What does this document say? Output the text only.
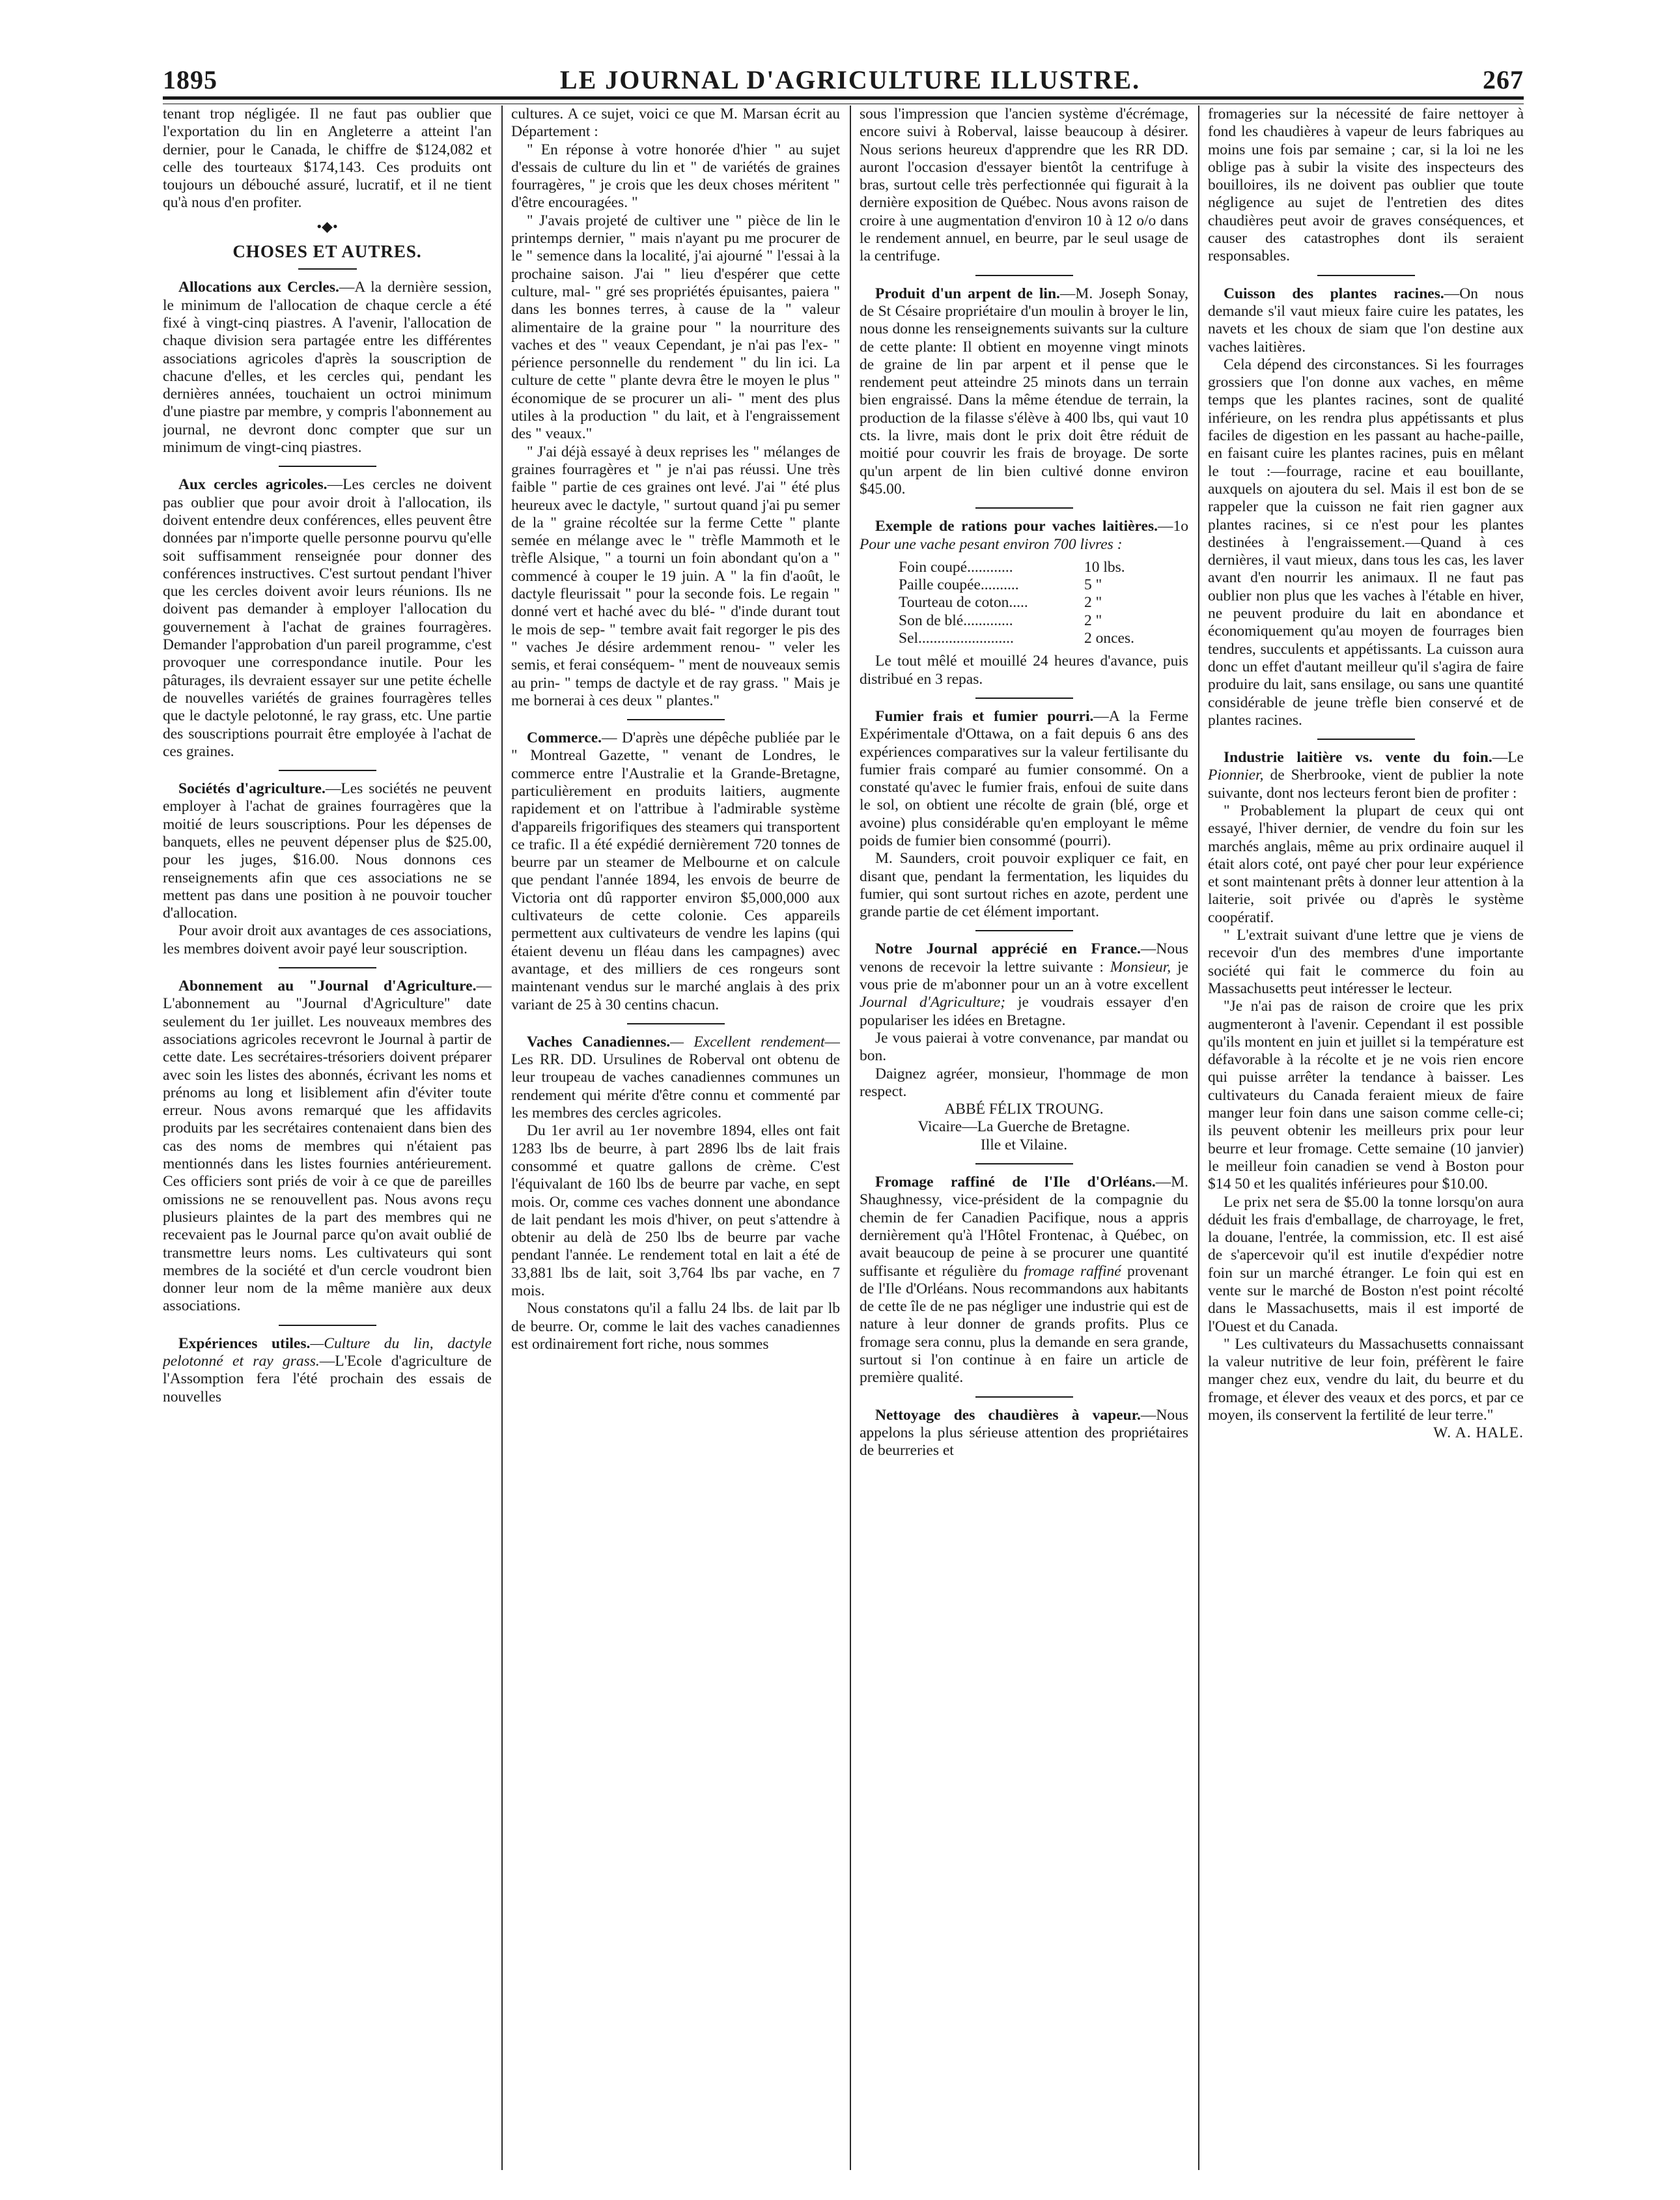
1895	LE JOURNAL D'AGRICULTURE ILLUSTRE.	267

tenant trop négligée. Il ne faut pas oublier que l'exportation du lin en Angleterre a atteint l'an dernier, pour le Canada, le chiffre de $124,082 et celle des tourteaux $174,143. Ces produits ont toujours un débouché assuré, lucratif, et il ne tient qu'à nous d'en profiter.

•◆•
CHOSES ET AUTRES.

Allocations aux Cercles.—A la dernière session, le minimum de l'allocation de chaque cercle a été fixé à vingt-cinq piastres. A l'avenir, l'allocation de chaque division sera partagée entre les différentes associations agricoles d'après la souscription de chacune d'elles, et les cercles qui, pendant les dernières années, touchaient un octroi minimum d'une piastre par membre, y compris l'abonnement au journal, ne devront donc compter que sur un minimum de vingt-cinq piastres.

Aux cercles agricoles.—Les cercles ne doivent pas oublier que pour avoir droit à l'allocation, ils doivent entendre deux conférences, elles peuvent être données par n'importe quelle personne pourvu qu'elle soit suffisamment renseignée pour donner des conférences instructives. C'est surtout pendant l'hiver que les cercles doivent avoir leurs réunions. Ils ne doivent pas demander à employer l'allocation du gouvernement à l'achat de graines fourragères. Demander l'approbation d'un pareil programme, c'est provoquer une correspondance inutile. Pour les pâturages, ils devraient essayer sur une petite échelle de nouvelles variétés de graines fourragères telles que le dactyle pelotonné, le ray grass, etc. Une partie des souscriptions pourrait être employée à l'achat de ces graines.

Sociétés d'agriculture.—Les sociétés ne peuvent employer à l'achat de graines fourragères que la moitié de leurs souscriptions. Pour les dépenses de banquets, elles ne peuvent dépenser plus de $25.00, pour les juges, $16.00. Nous donnons ces renseignements afin que ces associations ne se mettent pas dans une position à ne pouvoir toucher d'allocation.

Pour avoir droit aux avantages de ces associations, les membres doivent avoir payé leur souscription.

Abonnement au "Journal d'Agriculture.—L'abonnement au "Journal d'Agriculture" date seulement du 1er juillet. Les nouveaux membres des associations agricoles recevront le Journal à partir de cette date. Les secrétaires-trésoriers doivent préparer avec soin les listes des abonnés, écrivant les noms et prénoms au long et lisiblement afin d'éviter toute erreur. Nous avons remarqué que les affidavits produits par les secrétaires contenaient dans bien des cas des noms de membres qui n'étaient pas mentionnés dans les listes fournies antérieurement. Ces officiers sont priés de voir à ce que de pareilles omissions ne se renouvellent pas. Nous avons reçu plusieurs plaintes de la part des membres qui ne recevaient pas le Journal parce qu'on avait oublié de transmettre leurs noms. Les cultivateurs qui sont membres de la société et d'un cercle voudront bien donner leur nom de la même manière aux deux associations.

Expériences utiles.—Culture du lin, dactyle pelotonné et ray grass.—L'Ecole d'agriculture de l'Assomption fera l'été prochain des essais de nouvelles

cultures. A ce sujet, voici ce que M. Marsan écrit au Département :

" En réponse à votre honorée d'hier " au sujet d'essais de culture du lin et " de variétés de graines fourragères, " je crois que les deux choses méritent " d'être encouragées. "

" J'avais projeté de cultiver une " pièce de lin le printemps dernier, " mais n'ayant pu me procurer de le " semence dans la localité, j'ai ajourné " l'essai à la prochaine saison. J'ai " lieu d'espérer que cette culture, mal- " gré ses propriétés épuisantes, paiera " dans les bonnes terres, à cause de la " valeur alimentaire de la graine pour " la nourriture des vaches et des " veaux Cependant, je n'ai pas l'ex- " périence personnelle du rendement " du lin ici. La culture de cette " plante devra être le moyen le plus " économique de se procurer un ali- " ment des plus utiles à la production " du lait, et à l'engraissement des " veaux."

" J'ai déjà essayé à deux reprises les " mélanges de graines fourragères et " je n'ai pas réussi. Une très faible " partie de ces graines ont levé. J'ai " été plus heureux avec le dactyle, " surtout quand j'ai pu semer de la " graine récoltée sur la ferme Cette " plante semée en mélange avec le " trèfle Mammoth et le trèfle Alsique, " a tourni un foin abondant qu'on a " commencé à couper le 19 juin. A " la fin d'août, le dactyle fleurissait " pour la seconde fois. Le regain " donné vert et haché avec du blé- " d'inde durant tout le mois de sep- " tembre avait fait regorger le pis des " vaches Je désire ardemment renou- " veler les semis, et ferai conséquem- " ment de nouveaux semis au prin- " temps de dactyle et de ray grass. " Mais je me bornerai à ces deux " plantes."

Commerce.— D'après une dépêche publiée par le " Montreal Gazette, " venant de Londres, le commerce entre l'Australie et la Grande-Bretagne, particulièrement en produits laitiers, augmente rapidement et on l'attribue à l'admirable système d'appareils frigorifiques des steamers qui transportent ce trafic. Il a été expédié dernièrement 720 tonnes de beurre par un steamer de Melbourne et on calcule que pendant l'année 1894, les envois de beurre de Victoria ont dû rapporter environ $5,000,000 aux cultivateurs de cette colonie. Ces appareils permettent aux cultivateurs de vendre les lapins (qui étaient devenu un fléau dans les campagnes) avec avantage, et des milliers de ces rongeurs sont maintenant vendus sur le marché anglais à des prix variant de 25 à 30 centins chacun.

Vaches Canadiennes.— Excellent rendement—Les RR. DD. Ursulines de Roberval ont obtenu de leur troupeau de vaches canadiennes communes un rendement qui mérite d'être connu et commenté par les membres des cercles agricoles.

Du 1er avril au 1er novembre 1894, elles ont fait 1283 lbs de beurre, à part 2896 lbs de lait frais consommé et quatre gallons de crème. C'est l'équivalant de 160 lbs de beurre par vache, en sept mois. Or, comme ces vaches donnent une abondance de lait pendant les mois d'hiver, on peut s'attendre à obtenir au delà de 250 lbs de beurre par vache pendant l'année. Le rendement total en lait a été de 33,881 lbs de lait, soit 3,764 lbs par vache, en 7 mois.

Nous constatons qu'il a fallu 24 lbs. de lait par lb de beurre. Or, comme le lait des vaches canadiennes est ordinairement fort riche, nous sommes

sous l'impression que l'ancien système d'écrémage, encore suivi à Roberval, laisse beaucoup à désirer. Nous serions heureux d'apprendre que les RR DD. auront l'occasion d'essayer bientôt la centrifuge à bras, surtout celle très perfectionnée qui figurait à la dernière exposition de Québec. Nous avons raison de croire à une augmentation d'environ 10 à 12 o/o dans le rendement annuel, en beurre, par le seul usage de la centrifuge.

Produit d'un arpent de lin.—M. Joseph Sonay, de St Césaire propriétaire d'un moulin à broyer le lin, nous donne les renseignements suivants sur la culture de cette plante: Il obtient en moyenne vingt minots de graine de lin par arpent et il pense que le rendement peut atteindre 25 minots dans un terrain bien engraissé. Dans la même étendue de terrain, la production de la filasse s'élève à 400 lbs, qui vaut 10 cts. la livre, mais dont le prix doit être réduit de moitié pour couvrir les frais de broyage. De sorte qu'un arpent de lin bien cultivé donne environ $45.00.

Exemple de rations pour vaches laitières.—1o Pour une vache pesant environ 700 livres :

Foin coupé............	10 lbs.
Paille coupée..........	5 "
Tourteau de coton.....	2 "
Son de blé.............	2 "
Sel.........................	2 onces.

Le tout mêlé et mouillé 24 heures d'avance, puis distribué en 3 repas.

Fumier frais et fumier pourri.—A la Ferme Expérimentale d'Ottawa, on a fait depuis 6 ans des expériences comparatives sur la valeur fertilisante du fumier frais comparé au fumier consommé. On a constaté qu'avec le fumier frais, enfoui de suite dans le sol, on obtient une récolte de grain (blé, orge et avoine) plus considérable qu'en employant le même poids de fumier bien consommé (pourri).

M. Saunders, croit pouvoir expliquer ce fait, en disant que, pendant la fermentation, les liquides du fumier, qui sont surtout riches en azote, perdent une grande partie de cet élément important.

Notre Journal apprécié en France.—Nous venons de recevoir la lettre suivante : Monsieur, je vous prie de m'abonner pour un an à votre excellent Journal d'Agriculture; je voudrais essayer d'en populariser les idées en Bretagne.

Je vous paierai à votre convenance, par mandat ou bon.

Daignez agréer, monsieur, l'hommage de mon respect.

ABBÉ FÉLIX TROUNG.

Vicaire—La Guerche de Bretagne.

Ille et Vilaine.

Fromage raffiné de l'Ile d'Orléans.—M. Shaughnessy, vice-président de la compagnie du chemin de fer Canadien Pacifique, nous a appris dernièrement qu'à l'Hôtel Frontenac, à Québec, on avait beaucoup de peine à se procurer une quantité suffisante et régulière du fromage raffiné provenant de l'Ile d'Orléans. Nous recommandons aux habitants de cette île de ne pas négliger une industrie qui est de nature à leur donner de grands profits. Plus ce fromage sera connu, plus la demande en sera grande, surtout si l'on continue à en faire un article de première qualité.

Nettoyage des chaudières à vapeur.—Nous appelons la plus sérieuse attention des propriétaires de beurreries et

fromageries sur la nécessité de faire nettoyer à fond les chaudières à vapeur de leurs fabriques au moins une fois par semaine ; car, si la loi ne les oblige pas à subir la visite des inspecteurs des bouilloires, ils ne doivent pas oublier que toute négligence au sujet de l'entretien des dites chaudières peut avoir de graves conséquences, et causer des catastrophes dont ils seraient responsables.

Cuisson des plantes racines.—On nous demande s'il vaut mieux faire cuire les patates, les navets et les choux de siam que l'on destine aux vaches laitières.

Cela dépend des circonstances. Si les fourrages grossiers que l'on donne aux vaches, en même temps que les plantes racines, sont de qualité inférieure, on les rendra plus appétissants et plus faciles de digestion en les passant au hache-paille, en faisant cuire les plantes racines, puis en mêlant le tout :—fourrage, racine et eau bouillante, auxquels on ajoutera du sel. Mais il est bon de se rappeler que la cuisson ne fait rien gagner aux plantes racines, si ce n'est pour les plantes destinées à l'engraissement.—Quand à ces dernières, il vaut mieux, dans tous les cas, les laver avant d'en nourrir les animaux. Il ne faut pas oublier non plus que les vaches à l'étable en hiver, ne peuvent produire du lait en abondance et économiquement qu'au moyen de fourrages bien tendres, succulents et appétissants. La cuisson aura donc un effet d'autant meilleur qu'il s'agira de faire produire du lait, sans ensilage, ou sans une quantité considérable de jeune trèfle bien conservé et de plantes racines.

Industrie laitière vs. vente du foin.—Le Pionnier, de Sherbrooke, vient de publier la note suivante, dont nos lecteurs feront bien de profiter :

" Probablement la plupart de ceux qui ont essayé, l'hiver dernier, de vendre du foin sur les marchés anglais, même au prix ordinaire auquel il était alors coté, ont payé cher pour leur expérience et sont maintenant prêts à donner leur attention à la laiterie, soit privée ou d'après le système coopératif.

" L'extrait suivant d'une lettre que je viens de recevoir d'un des membres d'une importante société qui fait le commerce du foin au Massachusetts peut intéresser le lecteur.

"Je n'ai pas de raison de croire que les prix augmenteront à l'avenir. Cependant il est possible qu'ils montent en juin et juillet si la température est défavorable à la récolte et je ne vois rien encore qui puisse arrêter la tendance à baisser. Les cultivateurs du Canada feraient mieux de faire manger leur foin dans une saison comme celle-ci; ils peuvent obtenir les meilleurs prix pour leur beurre et leur fromage. Cette semaine (10 janvier) le meilleur foin canadien se vend à Boston pour $14 50 et les qualités inférieures pour $10.00.

Le prix net sera de $5.00 la tonne lorsqu'on aura déduit les frais d'emballage, de charroyage, le fret, la douane, l'entrée, la commission, etc. Il est aisé de s'apercevoir qu'il est inutile d'expédier notre foin sur un marché étranger. Le foin qui est en vente sur le marché de Boston n'est point récolté dans le Massachusetts, mais il est importé de l'Ouest et du Canada.

" Les cultivateurs du Massachusetts connaissant la valeur nutritive de leur foin, préfèrent le faire manger chez eux, vendre du lait, du beurre et du fromage, et élever des veaux et des porcs, et par ce moyen, ils conservent la fertilité de leur terre."

W. A. HALE.
